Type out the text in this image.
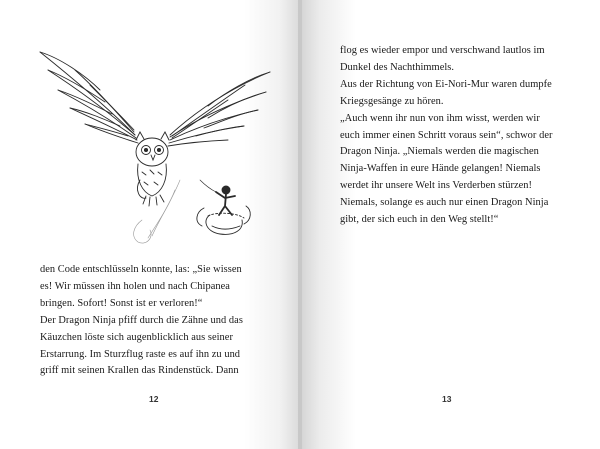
den Code entschlüsseln konnte, las: „Sie wissen
es! Wir müssen ihn holen und nach Chipanea
bringen. Sofort! Sonst ist er verloren!“
Der Dragon Ninja pfiff durch die Zähne und das
Käuzchen löste sich augenblicklich aus seiner
Erstarrung. Im Sturzflug raste es auf ihn zu und
griff mit seinen Krallen das Rindenstück. Dann
12
flog es wieder empor und verschwand lautlos im
Dunkel des Nachthimmels.
Aus der Richtung von Ei-Nori-Mur waren dumpfe
Kriegsgesänge zu hören.
„Auch wenn ihr nun von ihm wisst, werden wir
euch immer einen Schritt voraus sein“, schwor der
Dragon Ninja. „Niemals werden die magischen
Ninja-Waffen in eure Hände gelangen! Niemals
werdet ihr unsere Welt ins Verderben stürzen!
Niemals, solange es auch nur einen Dragon Ninja
gibt, der sich euch in den Weg stellt!“
13
